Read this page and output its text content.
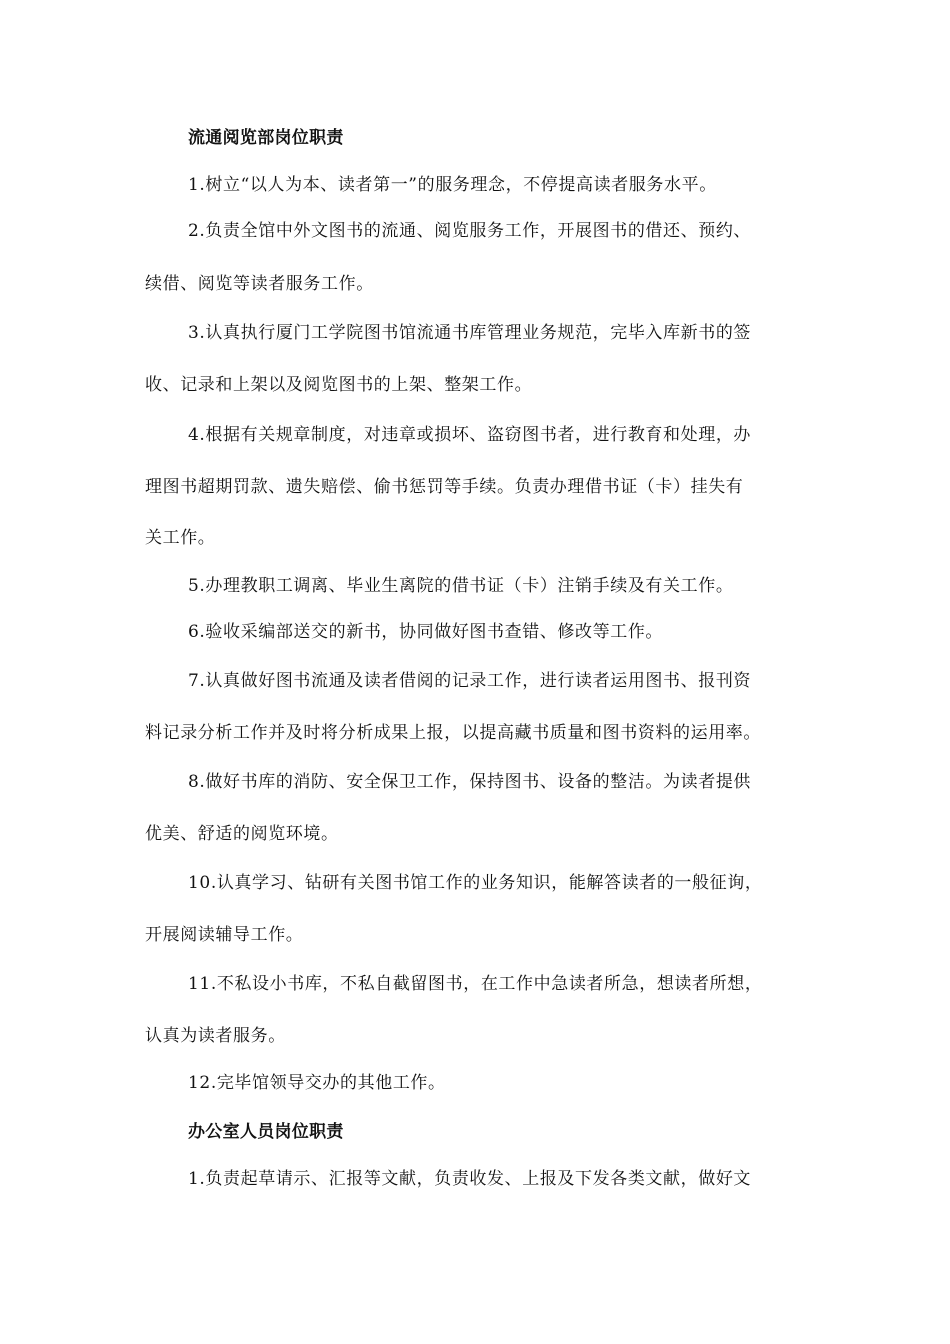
流通阅览部岗位职责
1.树立“以人为本、读者第一”的服务理念，不停提高读者服务水平。
2.负责全馆中外文图书的流通、阅览服务工作，开展图书的借还、预约、
续借、阅览等读者服务工作。
3.认真执行厦门工学院图书馆流通书库管理业务规范，完毕入库新书的签
收、记录和上架以及阅览图书的上架、整架工作。
4.根据有关规章制度，对违章或损坏、盗窃图书者，进行教育和处理，办
理图书超期罚款、遗失赔偿、偷书惩罚等手续。负责办理借书证（卡）挂失有
关工作。
5.办理教职工调离、毕业生离院的借书证（卡）注销手续及有关工作。
6.验收采编部送交的新书，协同做好图书查错、修改等工作。
7.认真做好图书流通及读者借阅的记录工作，进行读者运用图书、报刊资
料记录分析工作并及时将分析成果上报，以提高藏书质量和图书资料的运用率。
8.做好书库的消防、安全保卫工作，保持图书、设备的整洁。为读者提供
优美、舒适的阅览环境。
10.认真学习、钻研有关图书馆工作的业务知识，能解答读者的一般征询，
开展阅读辅导工作。
11.不私设小书库，不私自截留图书，在工作中急读者所急，想读者所想，
认真为读者服务。
12.完毕馆领导交办的其他工作。
办公室人员岗位职责
1.负责起草请示、汇报等文献，负责收发、上报及下发各类文献，做好文
